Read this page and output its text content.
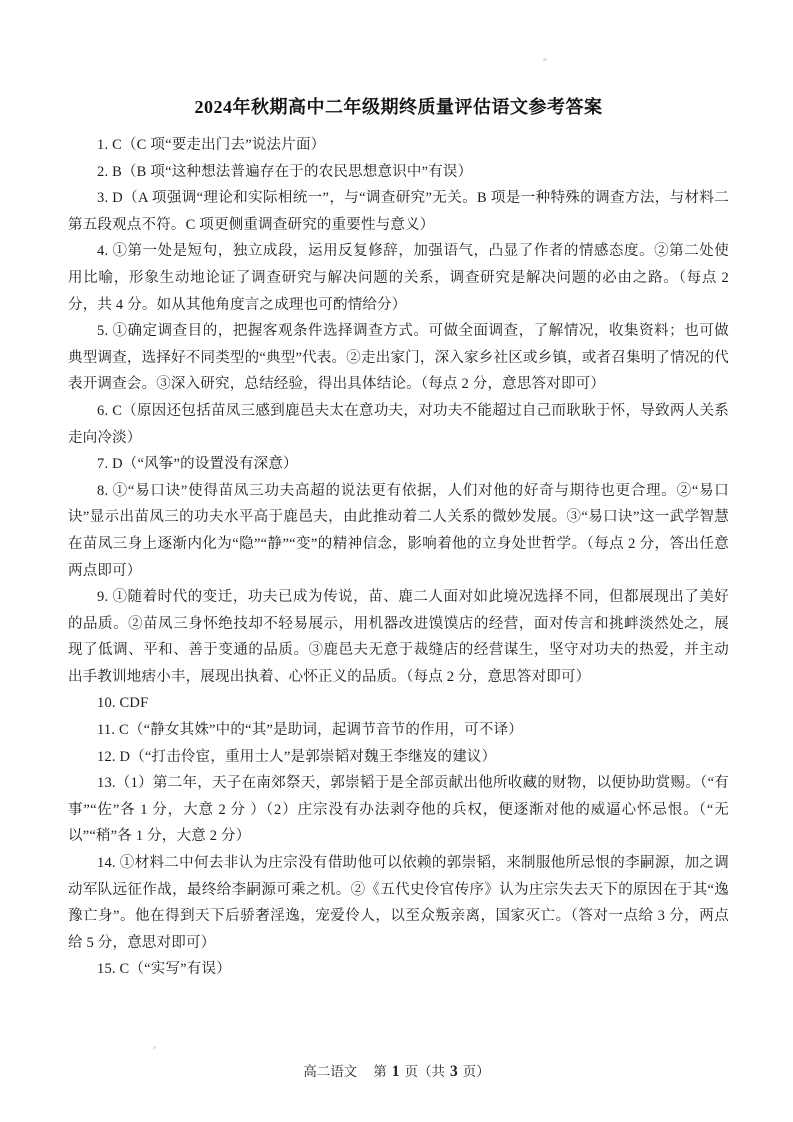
2024年秋期高中二年级期终质量评估语文参考答案

1. C（C 项“要走出门去”说法片面）

2. B（B 项“这种想法普遍存在于的农民思想意识中”有误）

3. D（A 项强调“理论和实际相统一”，与“调查研究”无关。B 项是一种特殊的调查方法，与材料二第五段观点不符。C 项更侧重调查研究的重要性与意义）

4. ①第一处是短句，独立成段，运用反复修辞，加强语气，凸显了作者的情感态度。②第二处使用比喻，形象生动地论证了调查研究与解决问题的关系，调查研究是解决问题的必由之路。（每点 2 分，共 4 分。如从其他角度言之成理也可酌情给分）

5. ①确定调查目的，把握客观条件选择调查方式。可做全面调查，了解情况，收集资料；也可做典型调查，选择好不同类型的“典型”代表。②走出家门，深入家乡社区或乡镇，或者召集明了情况的代表开调查会。③深入研究，总结经验，得出具体结论。（每点 2 分，意思答对即可）

6. C（原因还包括苗凤三感到鹿邑夫太在意功夫，对功夫不能超过自己而耿耿于怀，导致两人关系走向冷淡）

7. D（“风筝”的设置没有深意）

8. ①“易口诀”使得苗凤三功夫高超的说法更有依据，人们对他的好奇与期待也更合理。②“易口诀”显示出苗凤三的功夫水平高于鹿邑夫，由此推动着二人关系的微妙发展。③“易口诀”这一武学智慧在苗凤三身上逐渐内化为“隐”“静”“变”的精神信念，影响着他的立身处世哲学。（每点 2 分，答出任意两点即可）

9. ①随着时代的变迁，功夫已成为传说，苗、鹿二人面对如此境况选择不同，但都展现出了美好的品质。②苗凤三身怀绝技却不轻易展示，用机器改进馍馍店的经营，面对传言和挑衅淡然处之，展现了低调、平和、善于变通的品质。③鹿邑夫无意于裁缝店的经营谋生，坚守对功夫的热爱，并主动出手教训地痞小丰，展现出执着、心怀正义的品质。（每点 2 分，意思答对即可）

10. CDF

11. C（“静女其姝”中的“其”是助词，起调节音节的作用，可不译）

12. D（“打击伶宦，重用士人”是郭崇韬对魏王李继岌的建议）

13.（1）第二年，天子在南郊祭天，郭崇韬于是全部贡献出他所收藏的财物，以便协助赏赐。（“有事”“佐”各 1 分，大意 2 分 ）（2）庄宗没有办法剥夺他的兵权，便逐渐对他的威逼心怀忌恨。（“无以”“稍”各 1 分，大意 2 分）

14. ①材料二中何去非认为庄宗没有借助他可以依赖的郭崇韬，来制服他所忌恨的李嗣源，加之调动军队远征作战，最终给李嗣源可乘之机。②《五代史伶官传序》认为庄宗失去天下的原因在于其“逸豫亡身”。他在得到天下后骄奢淫逸，宠爱伶人，以至众叛亲离，国家灭亡。（答对一点给 3 分，两点给 5 分，意思对即可）

15. C（“实写”有误）

高二语文 第 1 页（共 3 页）
